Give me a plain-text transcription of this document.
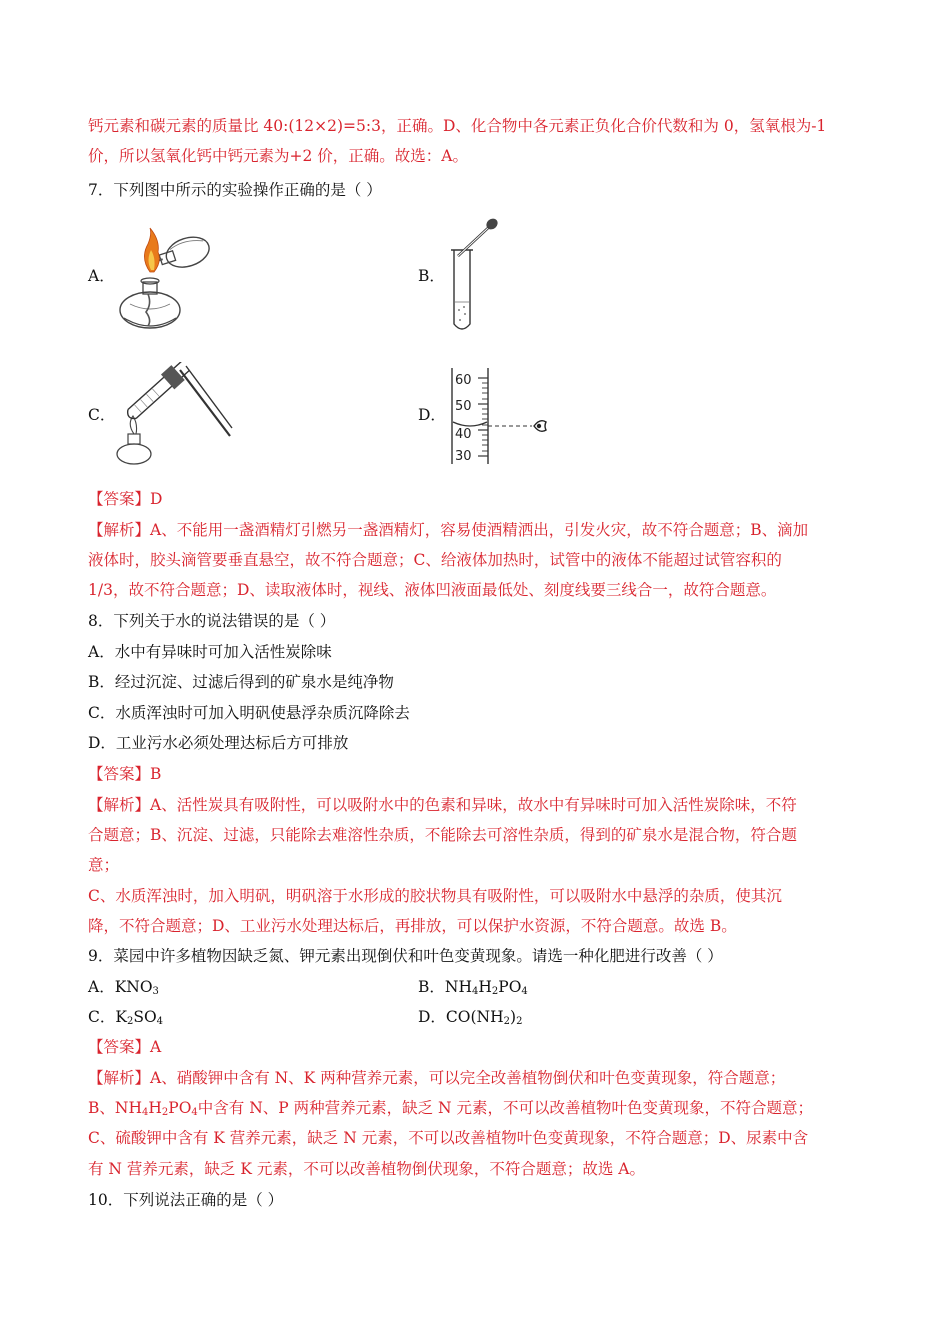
钙元素和碳元素的质量比 40:(12×2)=5:3，正确。D、化合物中各元素正负化合价代数和为 0，氢氧根为-1
价，所以氢氧化钙中钙元素为+2 价，正确。故选：A。
7．下列图中所示的实验操作正确的是（ ）
A．	B．
C．	D．
60
50
40
30
【答案】D
【解析】A、不能用一盏酒精灯引燃另一盏酒精灯，容易使酒精洒出，引发火灾，故不符合题意；B、滴加
液体时，胶头滴管要垂直悬空，故不符合题意；C、给液体加热时，试管中的液体不能超过试管容积的
1/3，故不符合题意；D、读取液体时，视线、液体凹液面最低处、刻度线要三线合一，故符合题意。
8．下列关于水的说法错误的是（ ）
A．水中有异味时可加入活性炭除味
B．经过沉淀、过滤后得到的矿泉水是纯净物
C．水质浑浊时可加入明矾使悬浮杂质沉降除去
D．工业污水必须处理达标后方可排放
【答案】B
【解析】A、活性炭具有吸附性，可以吸附水中的色素和异味，故水中有异味时可加入活性炭除味，不符
合题意；B、沉淀、过滤，只能除去难溶性杂质，不能除去可溶性杂质，得到的矿泉水是混合物，符合题
意；
C、水质浑浊时，加入明矾，明矾溶于水形成的胶状物具有吸附性，可以吸附水中悬浮的杂质，使其沉
降，不符合题意；D、工业污水处理达标后，再排放，可以保护水资源，不符合题意。故选 B。
9．菜园中许多植物因缺乏氮、钾元素出现倒伏和叶色变黄现象。请选一种化肥进行改善（ ）
A．$KNO_3$	B．$NH_4H_2PO_4$
C．$K_2SO_4$	D．$CO(NH_2)_2$
【答案】A
【解析】A、硝酸钾中含有 N、K 两种营养元素，可以完全改善植物倒伏和叶色变黄现象，符合题意；
B、$NH_4H_2PO_4$中含有 N、P 两种营养元素，缺乏 N 元素，不可以改善植物叶色变黄现象，不符合题意；
C、硫酸钾中含有 K 营养元素，缺乏 N 元素，不可以改善植物叶色变黄现象，不符合题意；D、尿素中含
有 N 营养元素，缺乏 K 元素，不可以改善植物倒伏现象，不符合题意；故选 A。
10．下列说法正确的是（ ）
